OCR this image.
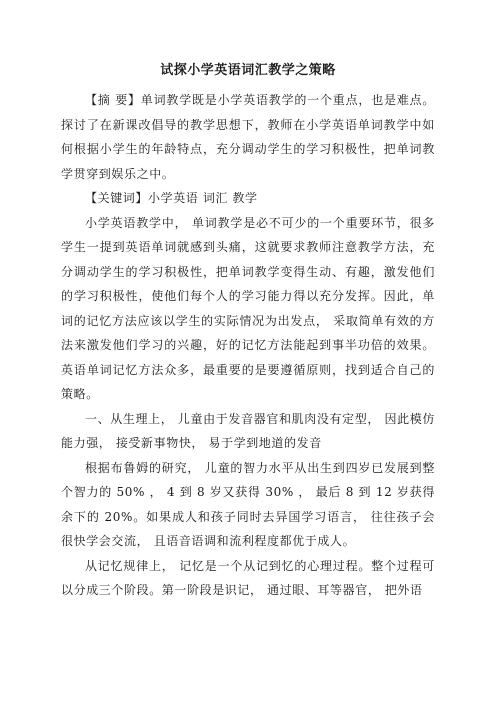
试探小学英语词汇教学之策略

【摘 要】单词教学既是小学英语教学的一个重点，也是难点。探讨了在新课改倡导的教学思想下，教师在小学英语单词教学中如何根据小学生的年龄特点，充分调动学生的学习积极性，把单词教学贯穿到娱乐之中。

【关键词】小学英语 词汇 教学

小学英语教学中， 单词教学是必不可少的一个重要环节，很多学生一提到英语单词就感到头痛，这就要求教师注意教学方法，充分调动学生的学习积极性，把单词教学变得生动、有趣，激发他们的学习积极性，使他们每个人的学习能力得以充分发挥。因此，单词的记忆方法应该以学生的实际情况为出发点， 采取简单有效的方法来激发他们学习的兴趣，好的记忆方法能起到事半功倍的效果。英语单词记忆方法众多，最重要的是要遵循原则，找到适合自己的策略。

一、从生理上， 儿童由于发音器官和肌肉没有定型， 因此模仿能力强， 接受新事物快， 易于学到地道的发音

根据布鲁姆的研究， 儿童的智力水平从出生到四岁已发展到整个智力的 50% ， 4 到 8 岁又获得 30% ， 最后 8 到 12 岁获得余下的 20%。如果成人和孩子同时去异国学习语言， 往往孩子会很快学会交流， 且语音语调和流利程度都优于成人。

从记忆规律上， 记忆是一个从记到忆的心理过程。整个过程可以分成三个阶段。第一阶段是识记， 通过眼、耳等器官， 把外语
